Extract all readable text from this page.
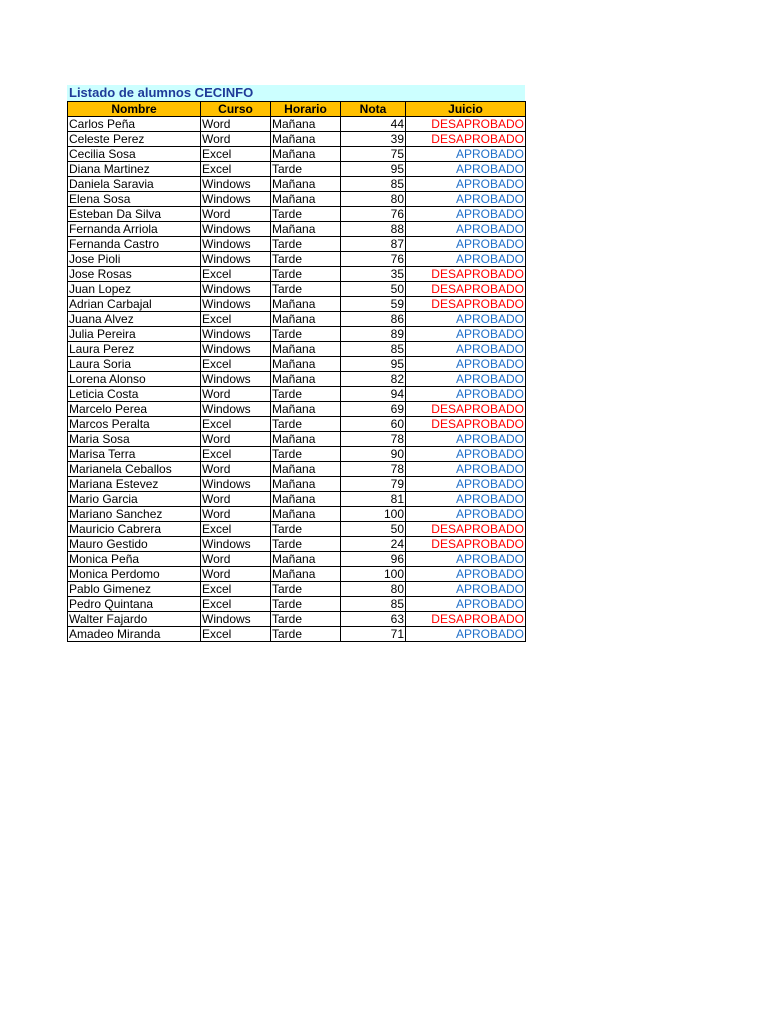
Listado de alumnos CECINFO
Nombre	Curso	Horario	Nota	Juicio
Carlos Peña	Word	Mañana	44	DESAPROBADO
Celeste Perez	Word	Mañana	39	DESAPROBADO
Cecilia Sosa	Excel	Mañana	75	APROBADO
Diana Martinez	Excel	Tarde	95	APROBADO
Daniela Saravia	Windows	Mañana	85	APROBADO
Elena Sosa	Windows	Mañana	80	APROBADO
Esteban Da Silva	Word	Tarde	76	APROBADO
Fernanda Arriola	Windows	Mañana	88	APROBADO
Fernanda Castro	Windows	Tarde	87	APROBADO
Jose Pioli	Windows	Tarde	76	APROBADO
Jose Rosas	Excel	Tarde	35	DESAPROBADO
Juan Lopez	Windows	Tarde	50	DESAPROBADO
Adrian Carbajal	Windows	Mañana	59	DESAPROBADO
Juana Alvez	Excel	Mañana	86	APROBADO
Julia Pereira	Windows	Tarde	89	APROBADO
Laura Perez	Windows	Mañana	85	APROBADO
Laura Soria	Excel	Mañana	95	APROBADO
Lorena Alonso	Windows	Mañana	82	APROBADO
Leticia Costa	Word	Tarde	94	APROBADO
Marcelo Perea	Windows	Mañana	69	DESAPROBADO
Marcos Peralta	Excel	Tarde	60	DESAPROBADO
Maria Sosa	Word	Mañana	78	APROBADO
Marisa Terra	Excel	Tarde	90	APROBADO
Marianela Ceballos	Word	Mañana	78	APROBADO
Mariana Estevez	Windows	Mañana	79	APROBADO
Mario Garcia	Word	Mañana	81	APROBADO
Mariano Sanchez	Word	Mañana	100	APROBADO
Mauricio Cabrera	Excel	Tarde	50	DESAPROBADO
Mauro Gestido	Windows	Tarde	24	DESAPROBADO
Monica Peña	Word	Mañana	96	APROBADO
Monica Perdomo	Word	Mañana	100	APROBADO
Pablo Gimenez	Excel	Tarde	80	APROBADO
Pedro Quintana	Excel	Tarde	85	APROBADO
Walter Fajardo	Windows	Tarde	63	DESAPROBADO
Amadeo Miranda	Excel	Tarde	71	APROBADO
